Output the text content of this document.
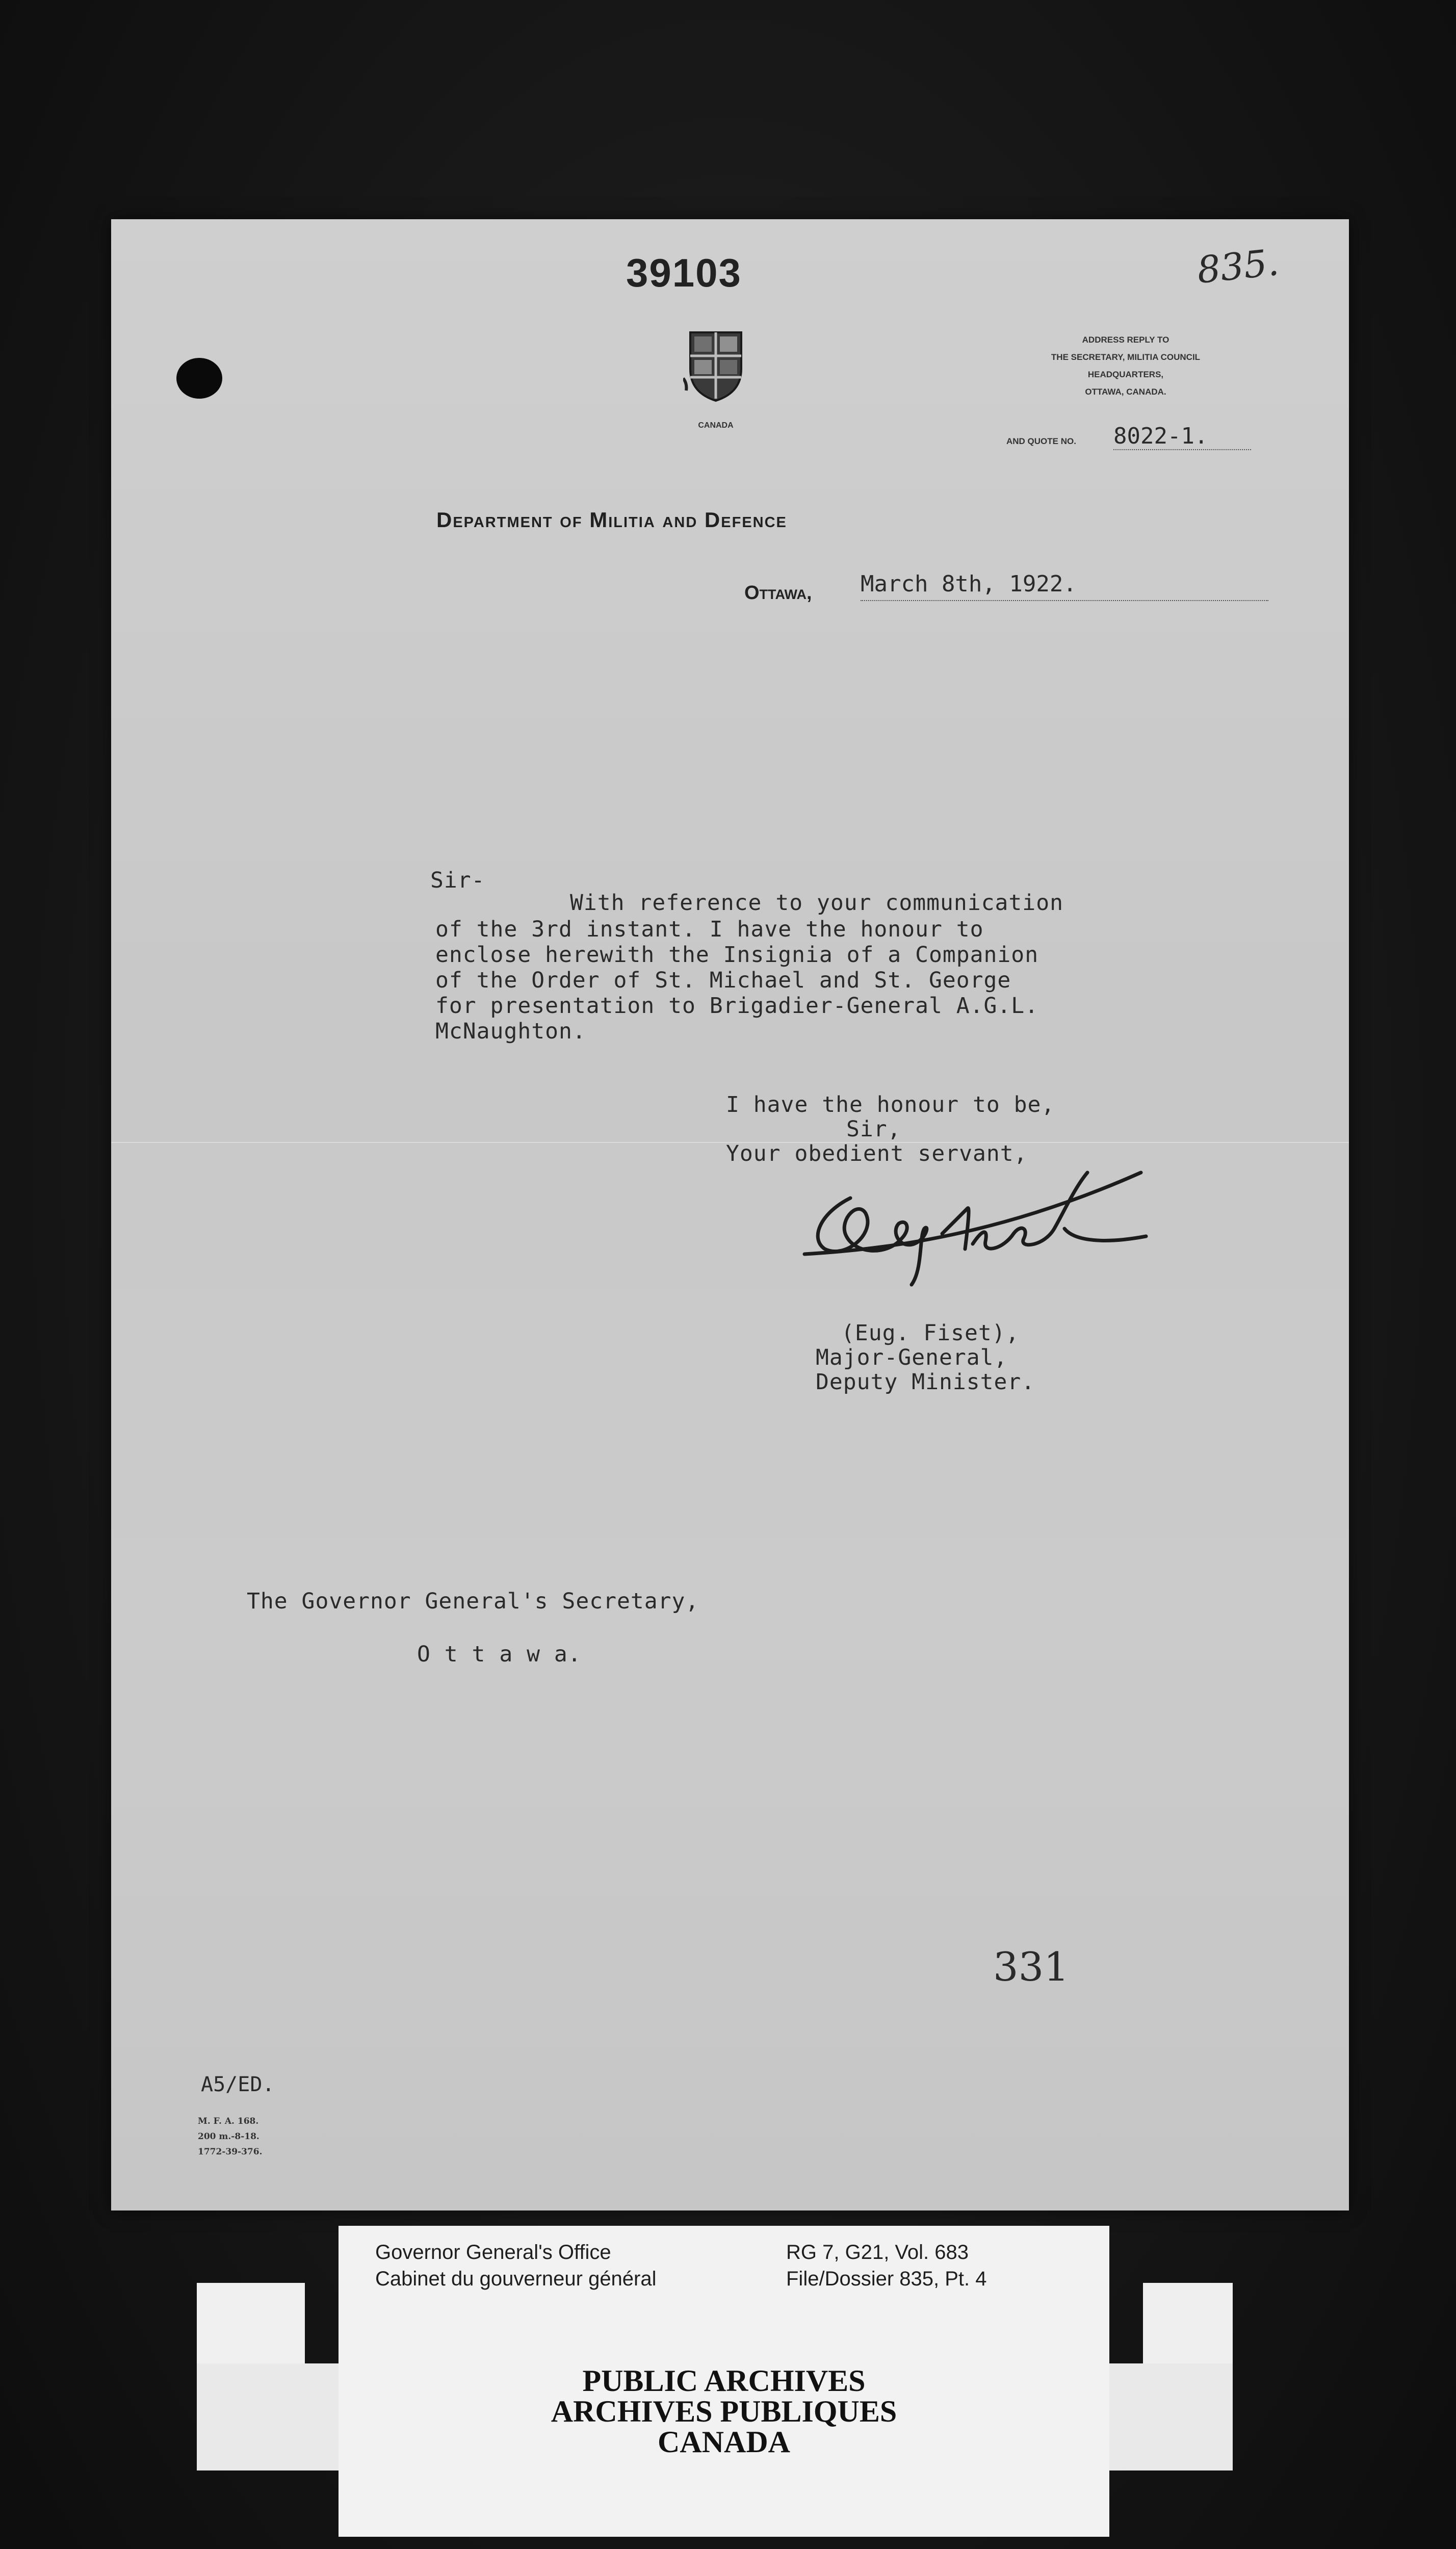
39103	835.
CANADA
ADDRESS REPLY TO
THE SECRETARY, MILITIA COUNCIL
HEADQUARTERS,
OTTAWA, CANADA.
AND QUOTE NO. 8022-1.
Department of Militia and Defence
Ottawa, March 8th, 1922.
Sir-
With reference to your communication
of the 3rd instant. I have the honour to
enclose herewith the Insignia of a Companion
of the Order of St. Michael and St. George
for presentation to Brigadier-General A.G.L.
McNaughton.
I have the honour to be,
Sir,
Your obedient servant,
(Eug. Fiset),
Major-General,
Deputy Minister.
The Governor General's Secretary,
O t t a w a.
331
A5/ED.
M. F. A. 168.
200 m.-8-18.
1772-39-376.
Governor General's Office
Cabinet du gouverneur général
RG 7, G21, Vol. 683
File/Dossier 835, Pt. 4
PUBLIC ARCHIVES
ARCHIVES PUBLIQUES
CANADA
